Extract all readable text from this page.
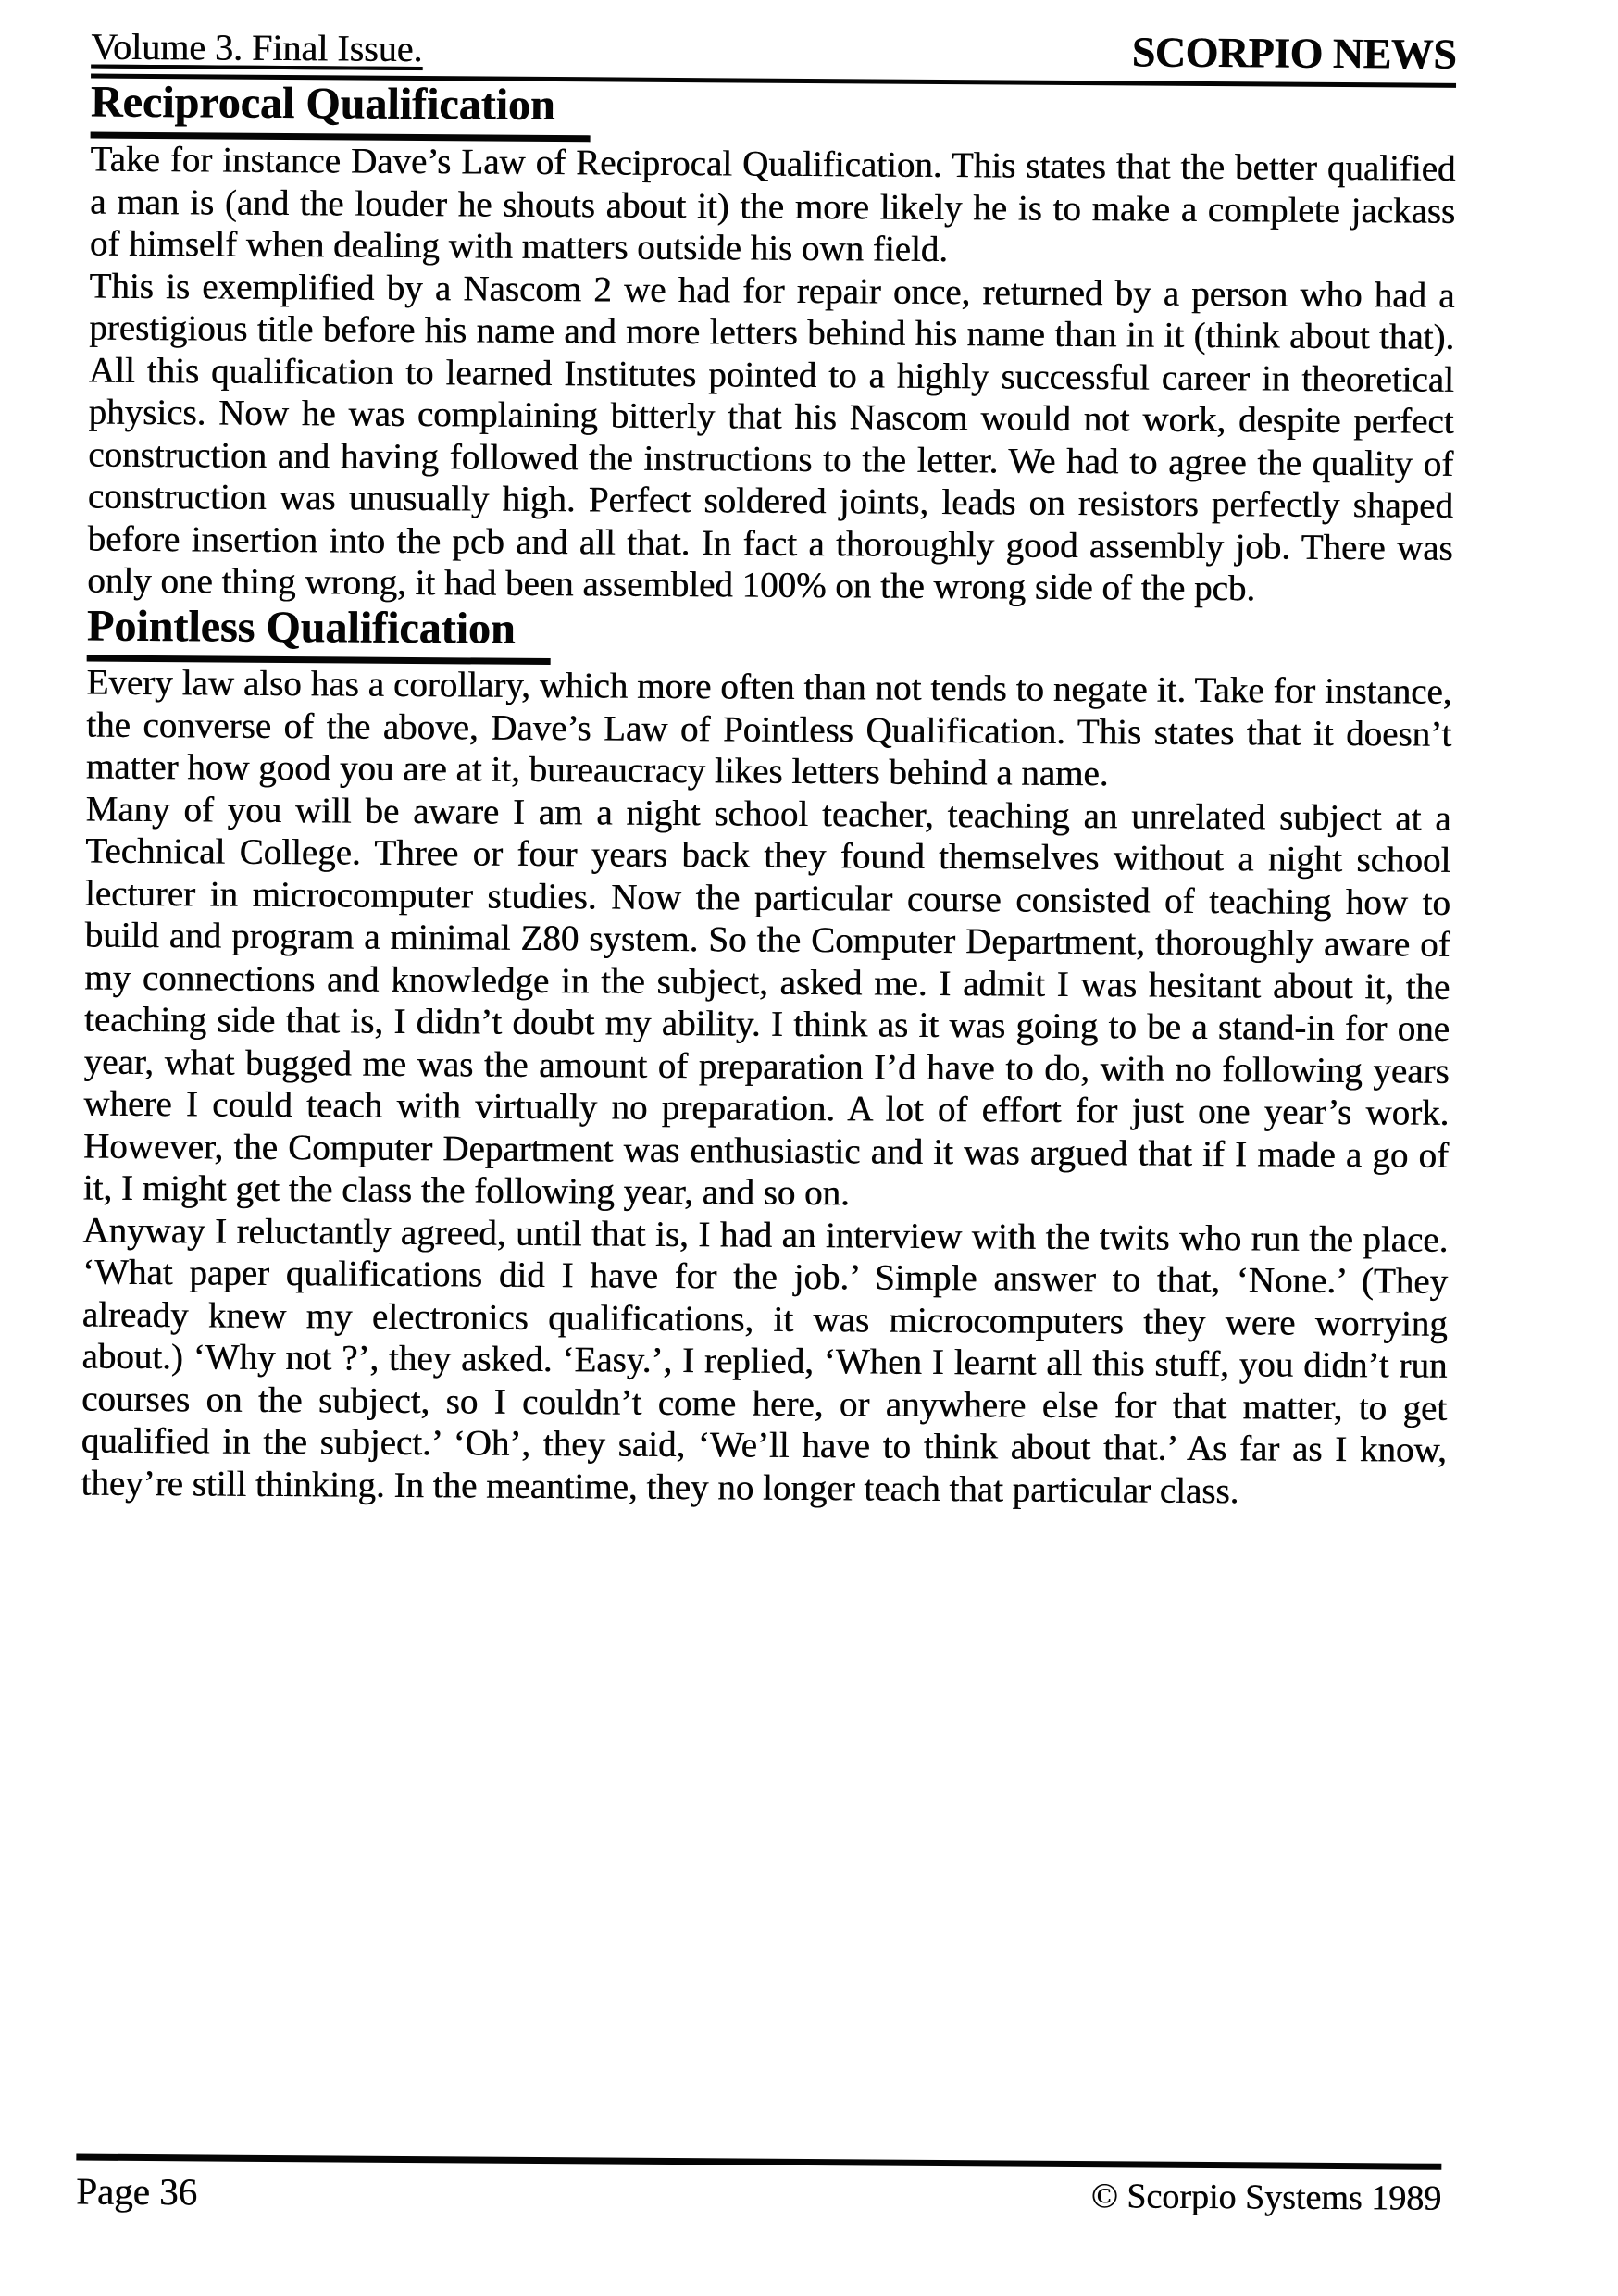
Volume 3. Final Issue.	SCORPIO NEWS
Reciprocal Qualification

Take for instance Dave’s Law of Reciprocal Qualification. This states that the better qualified a man is (and the louder he shouts about it) the more likely he is to make a complete jackass of himself when dealing with matters outside his own field.

This is exemplified by a Nascom 2 we had for repair once, returned by a person who had a prestigious title before his name and more letters behind his name than in it (think about that). All this qualification to learned Institutes pointed to a highly successful career in theoretical physics. Now he was complaining bitterly that his Nascom would not work, despite perfect construction and having followed the instructions to the letter. We had to agree the quality of construction was unusually high. Perfect soldered joints, leads on resistors perfectly shaped before insertion into the pcb and all that. In fact a thoroughly good assembly job. There was only one thing wrong, it had been assembled 100% on the wrong side of the pcb.

Pointless Qualification

Every law also has a corollary, which more often than not tends to negate it. Take for instance, the converse of the above, Dave’s Law of Pointless Qualification. This states that it doesn’t matter how good you are at it, bureaucracy likes letters behind a name.

Many of you will be aware I am a night school teacher, teaching an unrelated subject at a Technical College. Three or four years back they found themselves without a night school lecturer in microcomputer studies. Now the particular course consisted of teaching how to build and program a minimal Z80 system. So the Computer Department, thoroughly aware of my connections and knowledge in the subject, asked me. I admit I was hesitant about it, the teaching side that is, I didn’t doubt my ability. I think as it was going to be a stand-in for one year, what bugged me was the amount of preparation I’d have to do, with no following years where I could teach with virtually no preparation. A lot of effort for just one year’s work. However, the Computer Department was enthusiastic and it was argued that if I made a go of it, I might get the class the following year, and so on.

Anyway I reluctantly agreed, until that is, I had an interview with the twits who run the place. ‘What paper qualifications did I have for the job.’ Simple answer to that, ‘None.’ (They already knew my electronics qualifications, it was microcomputers they were worrying about.) ‘Why not ?’, they asked. ‘Easy.’, I replied, ‘When I learnt all this stuff, you didn’t run courses on the subject, so I couldn’t come here, or anywhere else for that matter, to get qualified in the subject.’ ‘Oh’, they said, ‘We’ll have to think about that.’ As far as I know, they’re still thinking. In the meantime, they no longer teach that particular class.

Page 36	© Scorpio Systems 1989
